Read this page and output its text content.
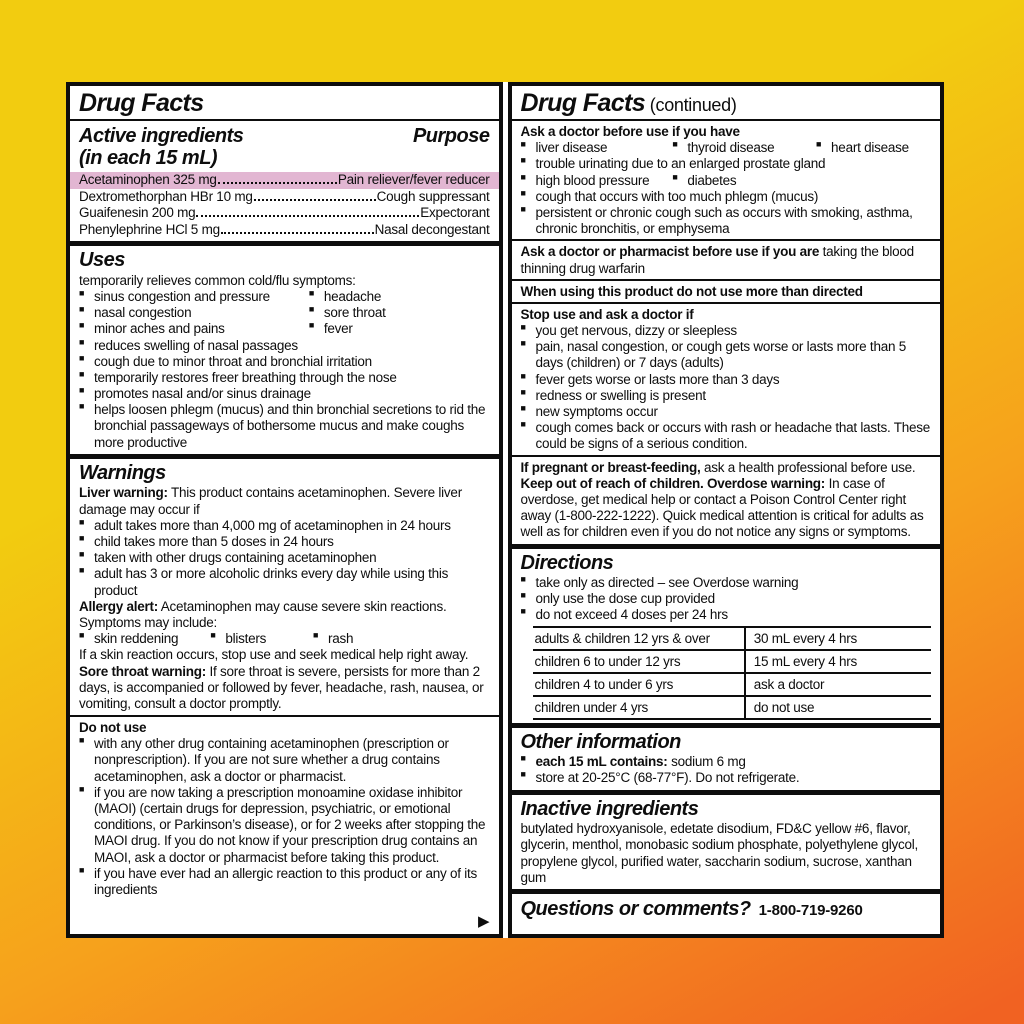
Drug Facts
Active ingredients	Purpose
(in each 15 mL)
Acetaminophen 325 mg	Pain reliever/fever reducer
Dextromethorphan HBr 10 mg	Cough suppressant
Guaifenesin 200 mg	Expectorant
Phenylephrine HCl 5 mg	Nasal decongestant
Uses

temporarily relieves common cold/flu symptoms:

■ sinus congestion and pressure	■ headache
■ nasal congestion	■ sore throat
■ minor aches and pains	■ fever
■ reduces swelling of nasal passages
■ cough due to minor throat and bronchial irritation
■ temporarily restores freer breathing through the nose
■ promotes nasal and/or sinus drainage
■ helps loosen phlegm (mucus) and thin bronchial secretions to rid the bronchial passageways of bothersome mucus and make coughs more productive
Warnings

Liver warning: This product contains acetaminophen. Severe liver damage may occur if

■ adult takes more than 4,000 mg of acetaminophen in 24 hours
■ child takes more than 5 doses in 24 hours
■ taken with other drugs containing acetaminophen
■ adult has 3 or more alcoholic drinks every day while using this product

Allergy alert: Acetaminophen may cause severe skin reactions.

Symptoms may include:

■ skin reddening	■ blisters	■ rash

If a skin reaction occurs, stop use and seek medical help right away.

Sore throat warning: If sore throat is severe, persists for more than 2 days, is accompanied or followed by fever, headache, rash, nausea, or vomiting, consult a doctor promptly.

Do not use

■ with any other drug containing acetaminophen (prescription or nonprescription). If you are not sure whether a drug contains acetaminophen, ask a doctor or pharmacist.
■ if you are now taking a prescription monoamine oxidase inhibitor (MAOI) (certain drugs for depression, psychiatric, or emotional conditions, or Parkinson’s disease), or for 2 weeks after stopping the MAOI drug. If you do not know if your prescription drug contains an MAOI, ask a doctor or pharmacist before taking this product.
■ if you have ever had an allergic reaction to this product or any of its ingredients
▶
Drug Facts (continued)

Ask a doctor before use if you have

■ liver disease	■ thyroid disease	■ heart disease
■ trouble urinating due to an enlarged prostate gland
■ high blood pressure	■ diabetes
■ cough that occurs with too much phlegm (mucus)
■ persistent or chronic cough such as occurs with smoking, asthma, chronic bronchitis, or emphysema

Ask a doctor or pharmacist before use if you are taking the blood thinning drug warfarin

When using this product do not use more than directed

Stop use and ask a doctor if

■ you get nervous, dizzy or sleepless
■ pain, nasal congestion, or cough gets worse or lasts more than 5 days (children) or 7 days (adults)
■ fever gets worse or lasts more than 3 days
■ redness or swelling is present
■ new symptoms occur
■ cough comes back or occurs with rash or headache that lasts. These could be signs of a serious condition.

If pregnant or breast-feeding, ask a health professional before use.

Keep out of reach of children. Overdose warning: In case of overdose, get medical help or contact a Poison Control Center right away (1-800-222-1222). Quick medical attention is critical for adults as well as for children even if you do not notice any signs or symptoms.

Directions
■ take only as directed – see Overdose warning
■ only use the dose cup provided
■ do not exceed 4 doses per 24 hrs
adults & children 12 yrs & over	30 mL every 4 hrs
children 6 to under 12 yrs	15 mL every 4 hrs
children 4 to under 6 yrs	ask a doctor
children under 4 yrs	do not use
Other information
■ each 15 mL contains: sodium 6 mg
■ store at 20-25°C (68-77°F). Do not refrigerate.
Inactive ingredients

butylated hydroxyanisole, edetate disodium, FD&C yellow #6, flavor, glycerin, menthol, monobasic sodium phosphate, polyethylene glycol, propylene glycol, purified water, saccharin sodium, sucrose, xanthan gum

Questions or comments? 1-800-719-9260
